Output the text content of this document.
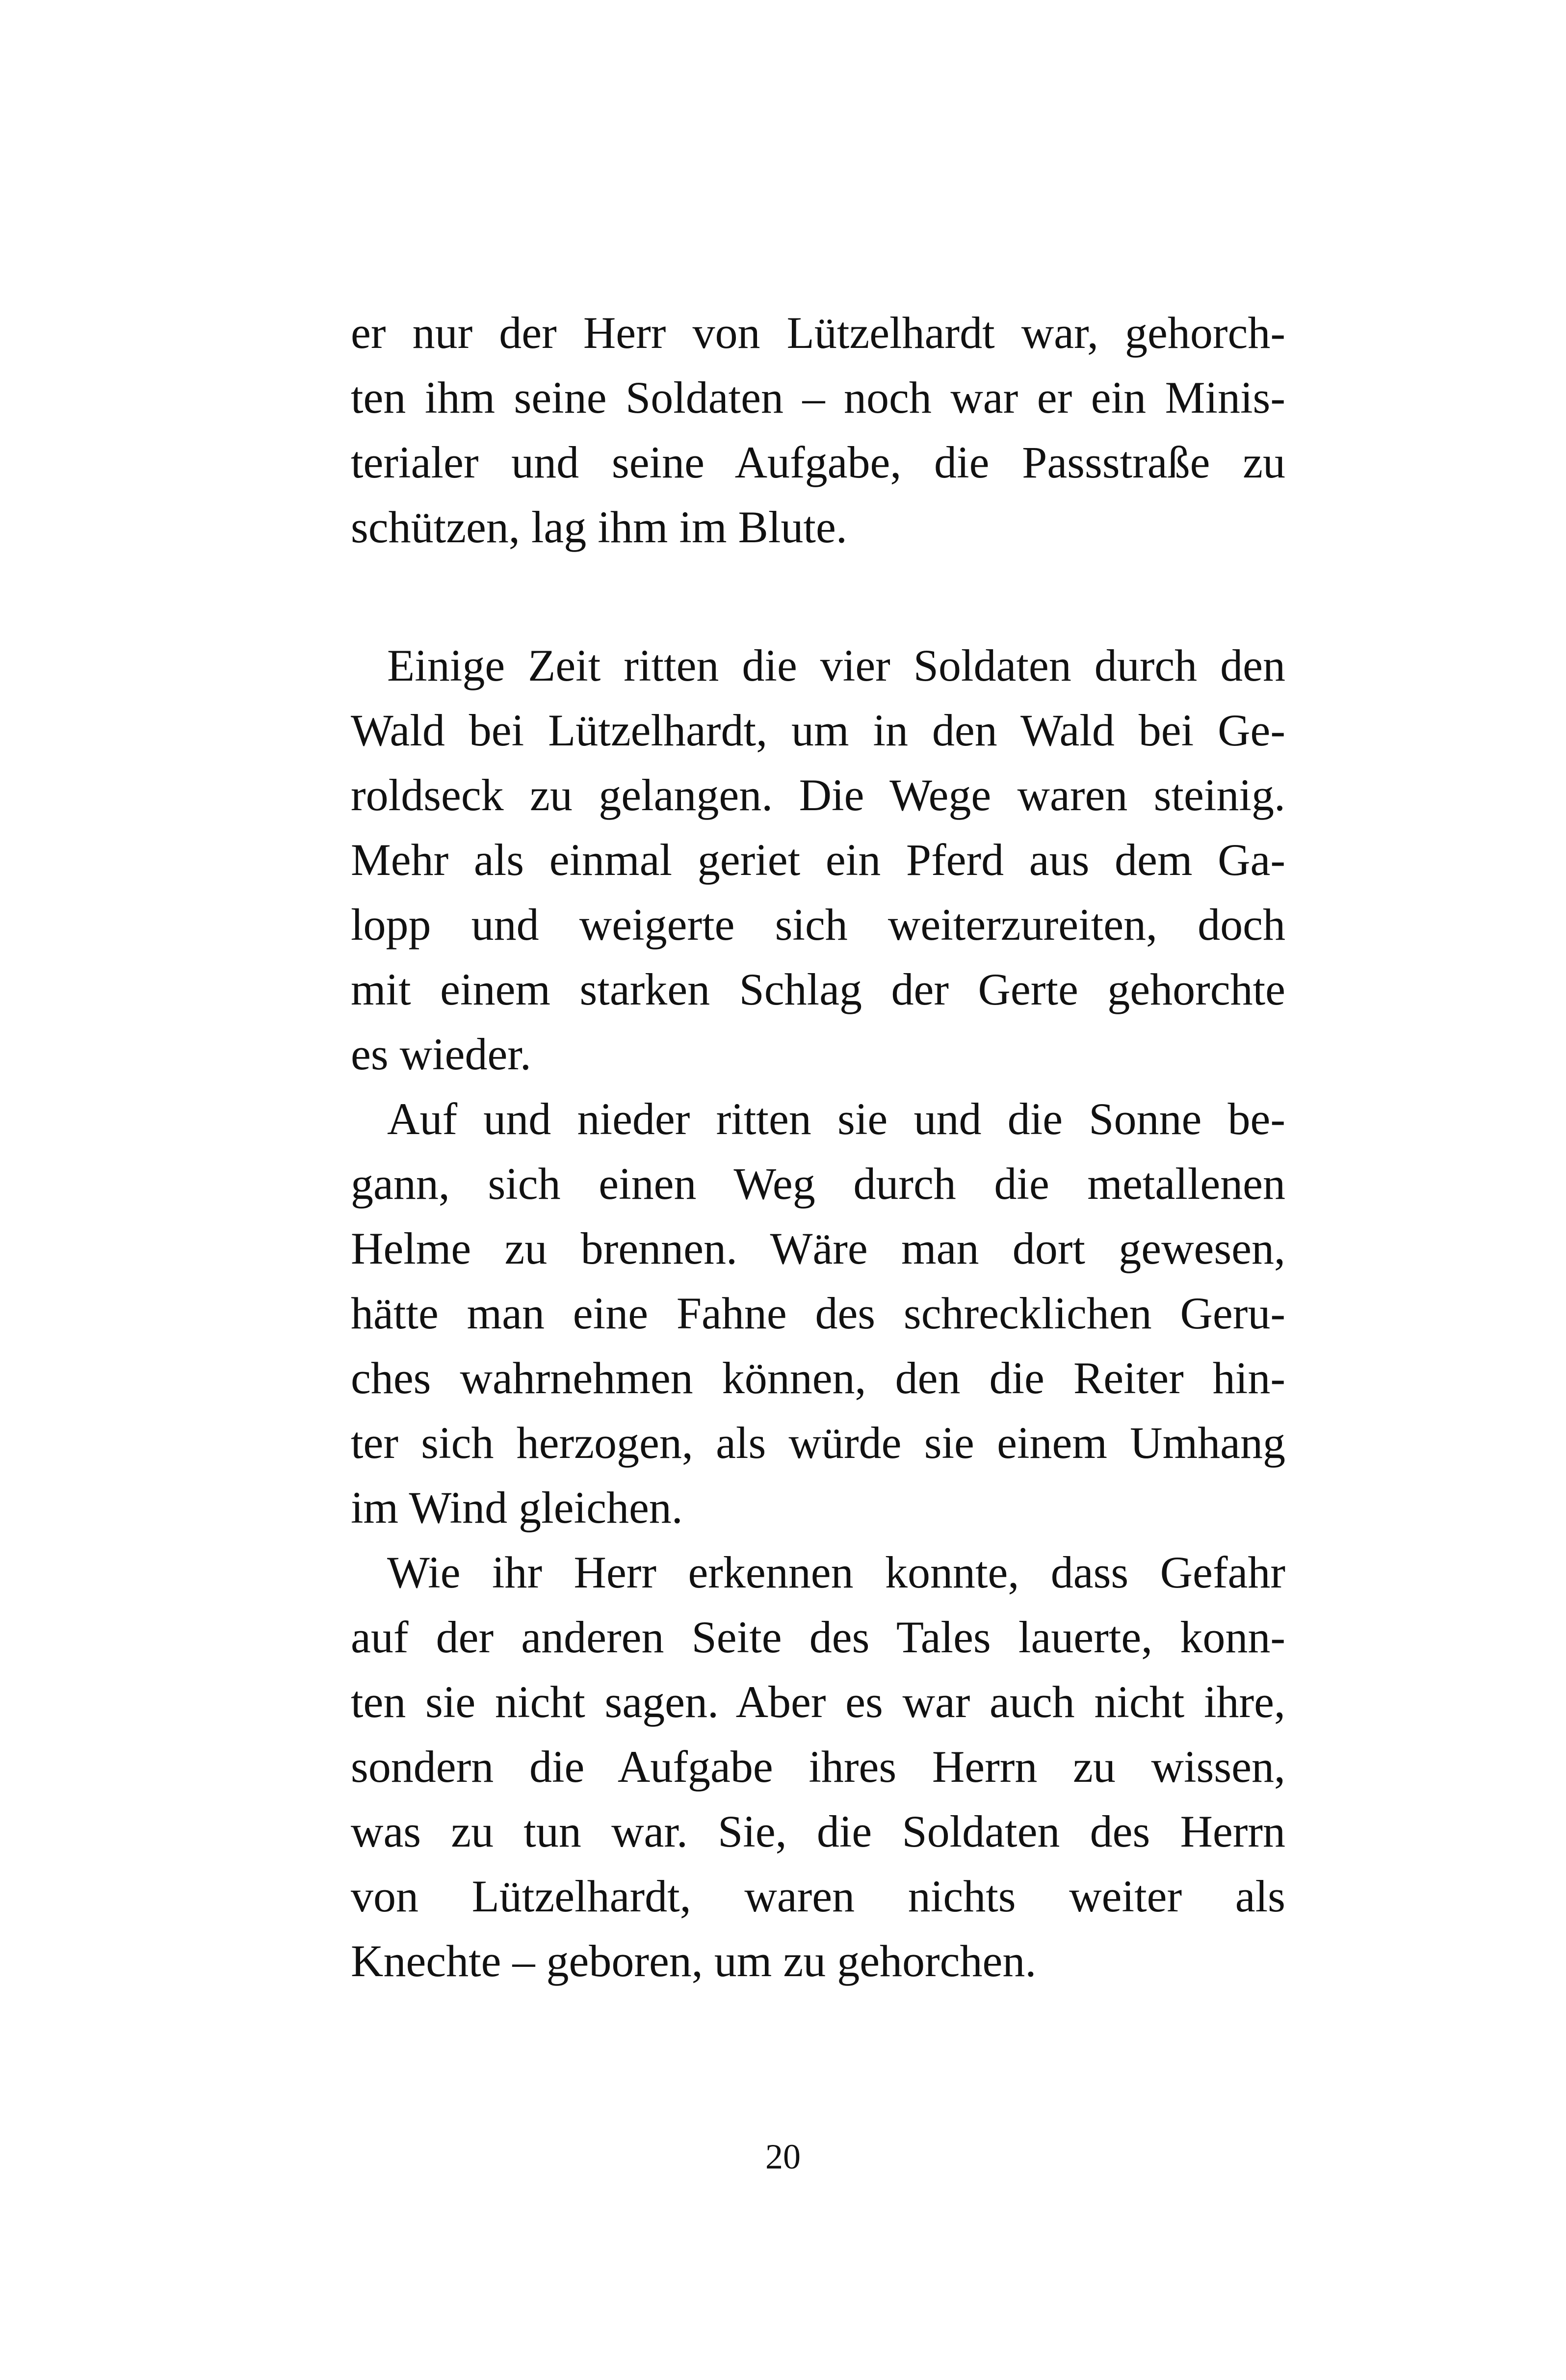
er nur der Herr von Lützelhardt war, gehorch-
ten ihm seine Soldaten – noch war er ein Minis-
terialer und seine Aufgabe, die Passstraße zu
schützen, lag ihm im Blute.

Einige Zeit ritten die vier Soldaten durch den
Wald bei Lützelhardt, um in den Wald bei Ge-
roldseck zu gelangen. Die Wege waren steinig.
Mehr als einmal geriet ein Pferd aus dem Ga-
lopp und weigerte sich weiterzureiten, doch
mit einem starken Schlag der Gerte gehorchte
es wieder.

Auf und nieder ritten sie und die Sonne be-
gann, sich einen Weg durch die metallenen
Helme zu brennen. Wäre man dort gewesen,
hätte man eine Fahne des schrecklichen Geru-
ches wahrnehmen können, den die Reiter hin-
ter sich herzogen, als würde sie einem Umhang
im Wind gleichen.

Wie ihr Herr erkennen konnte, dass Gefahr
auf der anderen Seite des Tales lauerte, konn-
ten sie nicht sagen. Aber es war auch nicht ihre,
sondern die Aufgabe ihres Herrn zu wissen,
was zu tun war. Sie, die Soldaten des Herrn
von Lützelhardt, waren nichts weiter als
Knechte – geboren, um zu gehorchen.

20
